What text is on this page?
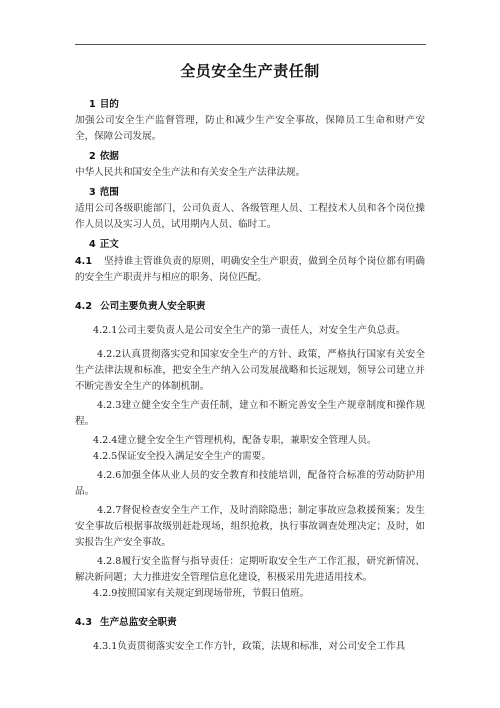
全员安全生产责任制

1 目的

加强公司安全生产监督管理，防止和减少生产安全事故，保障员工生命和财产安全，保障公司发展。

2 依据

中华人民共和国安全生产法和有关安全生产法律法规。

3 范围

适用公司各级职能部门，公司负责人、各级管理人员、工程技术人员和各个岗位操作人员以及实习人员，试用期内人员、临时工。

4 正文

4.1 坚持谁主管谁负责的原则，明确安全生产职责，做到全员每个岗位都有明确的安全生产职责并与相应的职务、岗位匹配。

4.2 公司主要负责人安全职责

4.2.1公司主要负责人是公司安全生产的第一责任人，对安全生产负总责。

4.2.2认真贯彻落实党和国家安全生产的方针、政策，严格执行国家有关安全生产法律法规和标准，把安全生产纳入公司发展战略和长远规划，领导公司建立并不断完善安全生产的体制机制。

4.2.3建立健全安全生产责任制，建立和不断完善安全生产规章制度和操作规程。

4.2.4建立健全安全生产管理机构，配备专职，兼职安全管理人员。

4.2.5保证安全投入满足安全生产的需要。

4.2.6加强全体从业人员的安全教育和技能培训，配备符合标准的劳动防护用品。

4.2.7督促检查安全生产工作，及时消除隐患；制定事故应急救援预案；发生安全事故后根据事故级别赶赴现场，组织抢救，执行事故调查处理决定；及时，如实报告生产安全事故。

4.2.8履行安全监督与指导责任：定期听取安全生产工作汇报，研究新情况、解决新问题；大力推进安全管理信息化建设，积极采用先进适用技术。

4.2.9按照国家有关规定到现场带班，节假日值班。

4.3 生产总监安全职责

4.3.1负责贯彻落实安全工作方针，政策，法规和标准，对公司安全工作具
